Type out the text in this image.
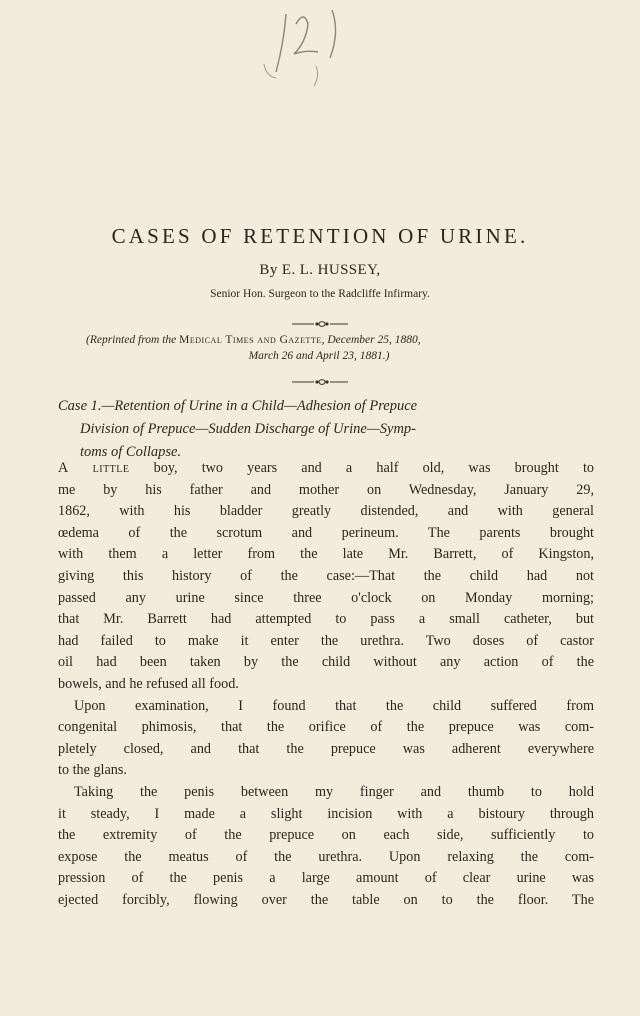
CASES OF RETENTION OF URINE.
By E. L. HUSSEY,
Senior Hon. Surgeon to the Radcliffe Infirmary.
(Reprinted from the Medical Times and Gazette, December 25, 1880,
March 26 and April 23, 1881.)
Case 1.—Retention of Urine in a Child—Adhesion of Prepuce
Division of Prepuce—Sudden Discharge of Urine—Symp-
toms of Collapse.
A little boy, two years and a half old, was brought to
me by his father and mother on Wednesday, January 29,
1862, with his bladder greatly distended, and with general
œdema of the scrotum and perineum. The parents brought
with them a letter from the late Mr. Barrett, of Kingston,
giving this history of the case:—That the child had not
passed any urine since three o'clock on Monday morning;
that Mr. Barrett had attempted to pass a small catheter, but
had failed to make it enter the urethra. Two doses of castor
oil had been taken by the child without any action of the
bowels, and he refused all food.
Upon examination, I found that the child suffered from
congenital phimosis, that the orifice of the prepuce was com-
pletely closed, and that the prepuce was adherent everywhere
to the glans.
Taking the penis between my finger and thumb to hold
it steady, I made a slight incision with a bistoury through
the extremity of the prepuce on each side, sufficiently to
expose the meatus of the urethra. Upon relaxing the com-
pression of the penis a large amount of clear urine was
ejected forcibly, flowing over the table on to the floor. The
